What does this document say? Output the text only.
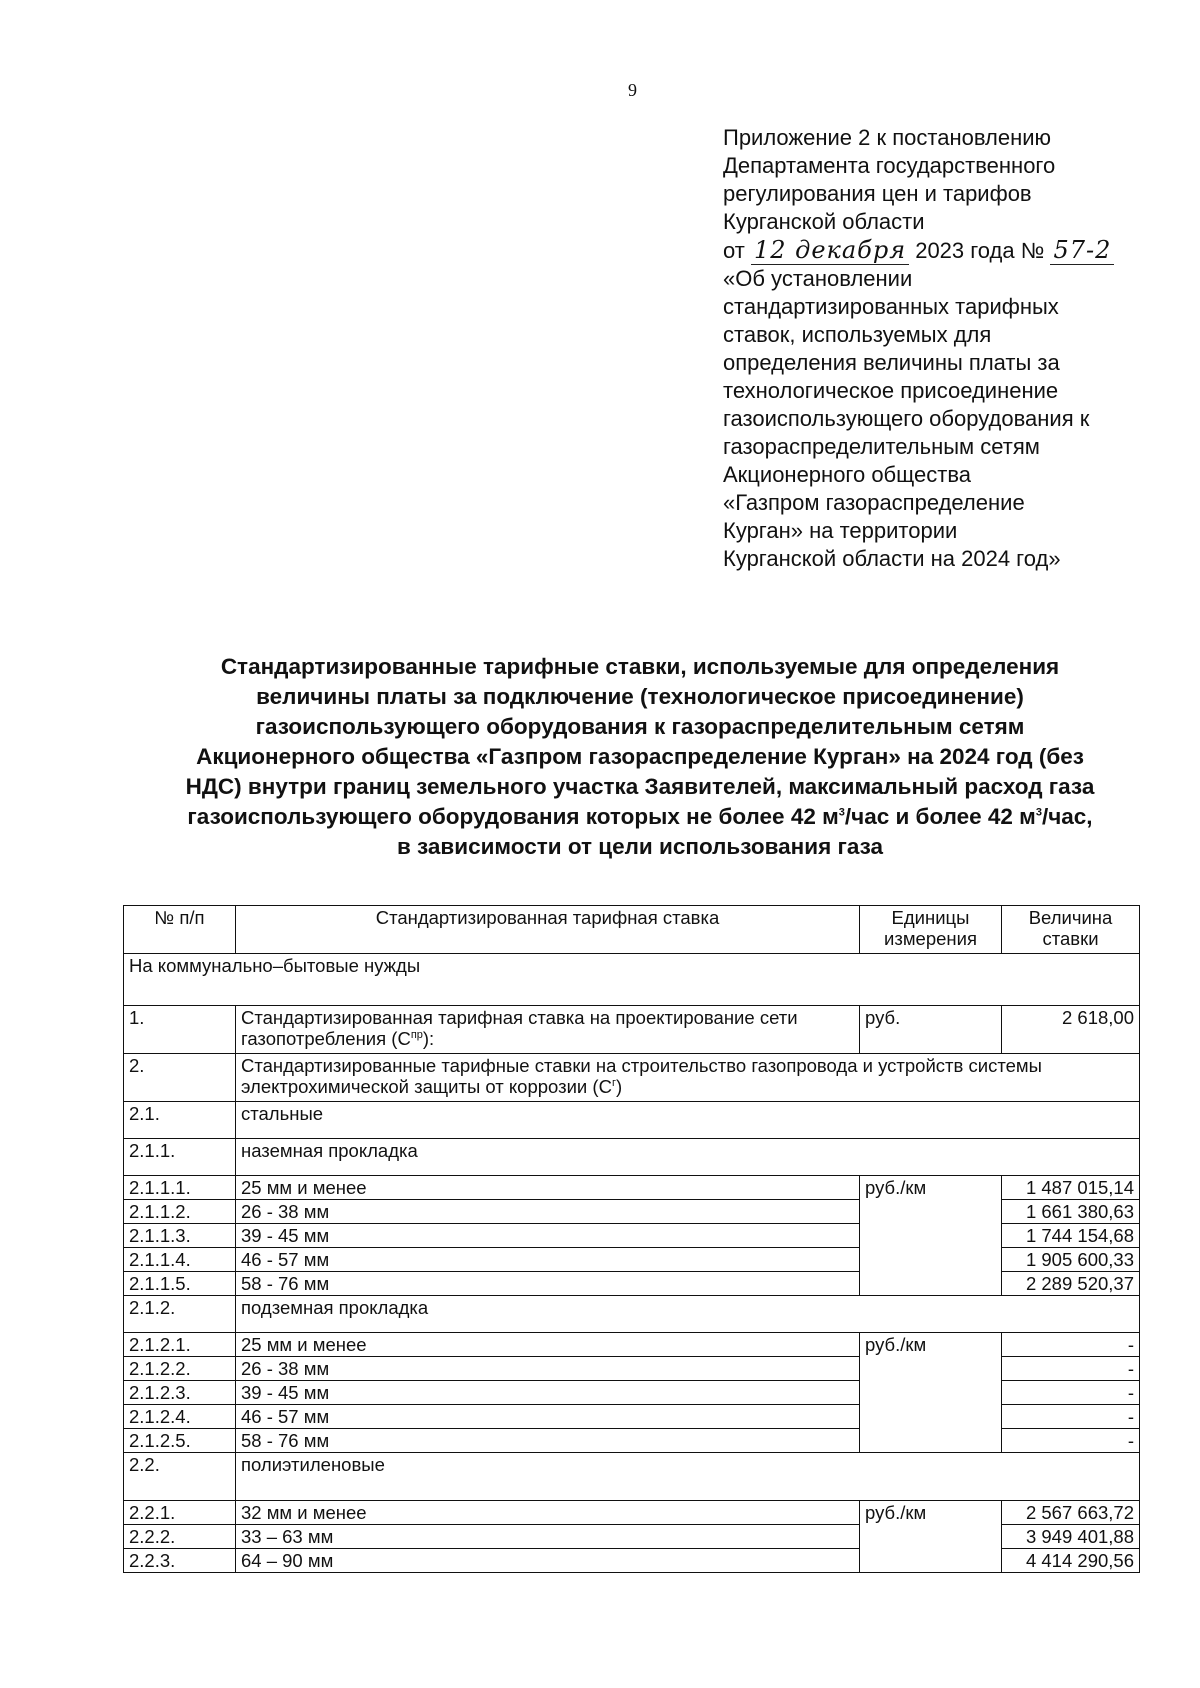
9
Приложение 2 к постановлению
Департамента государственного
регулирования цен и тарифов
Курганской области
от 12 декабря 2023 года № 57-2
«Об установлении
стандартизированных тарифных
ставок, используемых для
определения величины платы за
технологическое присоединение
газоиспользующего оборудования к
газораспределительным сетям
Акционерного общества
«Газпром газораспределение
Курган» на территории
Курганской области на 2024 год»
Стандартизированные тарифные ставки, используемые для определения
величины платы за подключение (технологическое присоединение)
газоиспользующего оборудования к газораспределительным сетям
Акционерного общества «Газпром газораспределение Курган» на 2024 год (без
НДС) внутри границ земельного участка Заявителей, максимальный расход газа
газоиспользующего оборудования которых не более 42 $м^3$/час и более 42 $м^3$/час,
в зависимости от цели использования газа
№ п/п	Стандартизированная тарифная ставка	Единицы измерения	Величина ставки
На коммунально–бытовые нужды			
1.	Стандартизированная тарифная ставка на проектирование сети газопотребления $(С^{пр})$:	руб.	2 618,00
2.	Стандартизированные тарифные ставки на строительство газопровода и устройств системы электрохимической защиты от коррозии $(С^г)$		
2.1.	стальные		
2.1.1.	наземная прокладка		
2.1.1.1.	25 мм и менее	руб./км	1 487 015,14
2.1.1.2.	26 - 38 мм		1 661 380,63
2.1.1.3.	39 - 45 мм		1 744 154,68
2.1.1.4.	46 - 57 мм		1 905 600,33
2.1.1.5.	58 - 76 мм		2 289 520,37
2.1.2.	подземная прокладка		
2.1.2.1.	25 мм и менее	руб./км	-
2.1.2.2.	26 - 38 мм		-
2.1.2.3.	39 - 45 мм		-
2.1.2.4.	46 - 57 мм		-
2.1.2.5.	58 - 76 мм		-
2.2.	полиэтиленовые		
2.2.1.	32 мм и менее	руб./км	2 567 663,72
2.2.2.	33 – 63 мм		3 949 401,88
2.2.3.	64 – 90 мм		4 414 290,56
